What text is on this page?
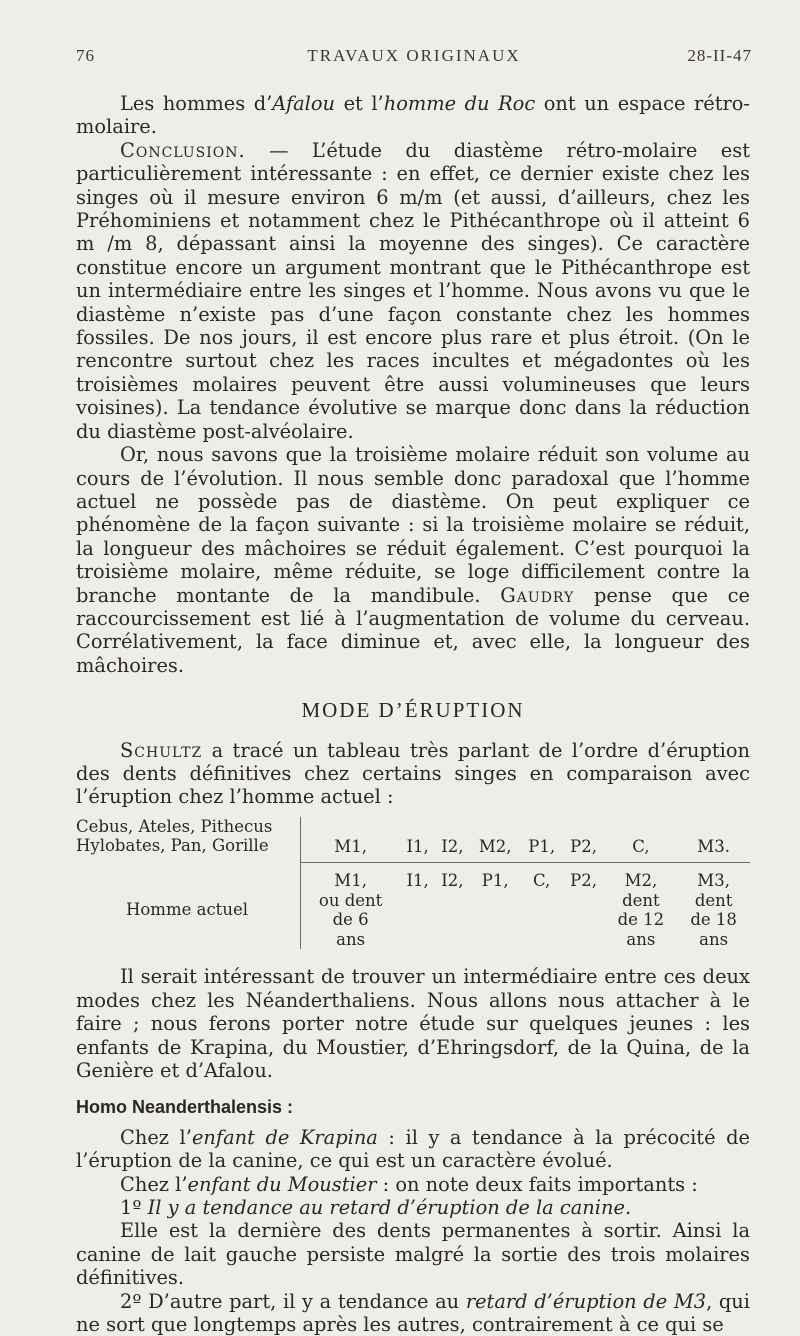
76	TRAVAUX ORIGINAUX	28-II-47

Les hommes d’Afalou et l’homme du Roc ont un espace rétro-molaire.

Conclusion. — L’étude du diastème rétro-molaire est particulièrement intéressante : en effet, ce dernier existe chez les singes où il mesure environ 6 m/m (et aussi, d’ailleurs, chez les Préhominiens et notamment chez le Pithécanthrope où il atteint 6 m /m 8, dépassant ainsi la moyenne des singes). Ce caractère constitue encore un argument montrant que le Pithécanthrope est un intermédiaire entre les singes et l’homme. Nous avons vu que le diastème n’existe pas d’une façon constante chez les hommes fossiles. De nos jours, il est encore plus rare et plus étroit. (On le rencontre surtout chez les races incultes et mégadontes où les troisièmes molaires peuvent être aussi volumineuses que leurs voisines). La tendance évolutive se marque donc dans la réduction du diastème post-alvéolaire.

Or, nous savons que la troisième molaire réduit son volume au cours de l’évolution. Il nous semble donc paradoxal que l’homme actuel ne possède pas de diastème. On peut expliquer ce phénomène de la façon suivante : si la troisième molaire se réduit, la longueur des mâchoires se réduit également. C’est pourquoi la troisième molaire, même réduite, se loge difficilement contre la branche montante de la mandibule. Gaudry pense que ce raccourcissement est lié à l’augmentation de volume du cerveau. Corrélativement, la face diminue et, avec elle, la longueur des mâchoires.

MODE D’ÉRUPTION

Schultz a tracé un tableau très parlant de l’ordre d’éruption des dents définitives chez certains singes en comparaison avec l’éruption chez l’homme actuel :

Cebus, Ateles, Pithecus
Hylobates, Pan, Gorille	M1,	I1,	I2,	M2,	P1,	P2,	C,	M3.
Homme actuel	M1,
ou dent
de 6
ans	I1,	I2,	P1,	C,	P2,	M2,
dent
de 12
ans	M3,
dent
de 18
ans

Il serait intéressant de trouver un intermédiaire entre ces deux modes chez les Néanderthaliens. Nous allons nous attacher à le faire ; nous ferons porter notre étude sur quelques jeunes : les enfants de Krapina, du Moustier, d’Ehringsdorf, de la Quina, de la Genière et d’Afalou.

Homo Neanderthalensis :

Chez l’enfant de Krapina : il y a tendance à la précocité de l’éruption de la canine, ce qui est un caractère évolué.

Chez l’enfant du Moustier : on note deux faits importants :

1º Il y a tendance au retard d’éruption de la canine.

Elle est la dernière des dents permanentes à sortir. Ainsi la canine de lait gauche persiste malgré la sortie des trois molaires définitives.

2º D’autre part, il y a tendance au retard d’éruption de M3, qui ne sort que longtemps après les autres, contrairement à ce qui se
